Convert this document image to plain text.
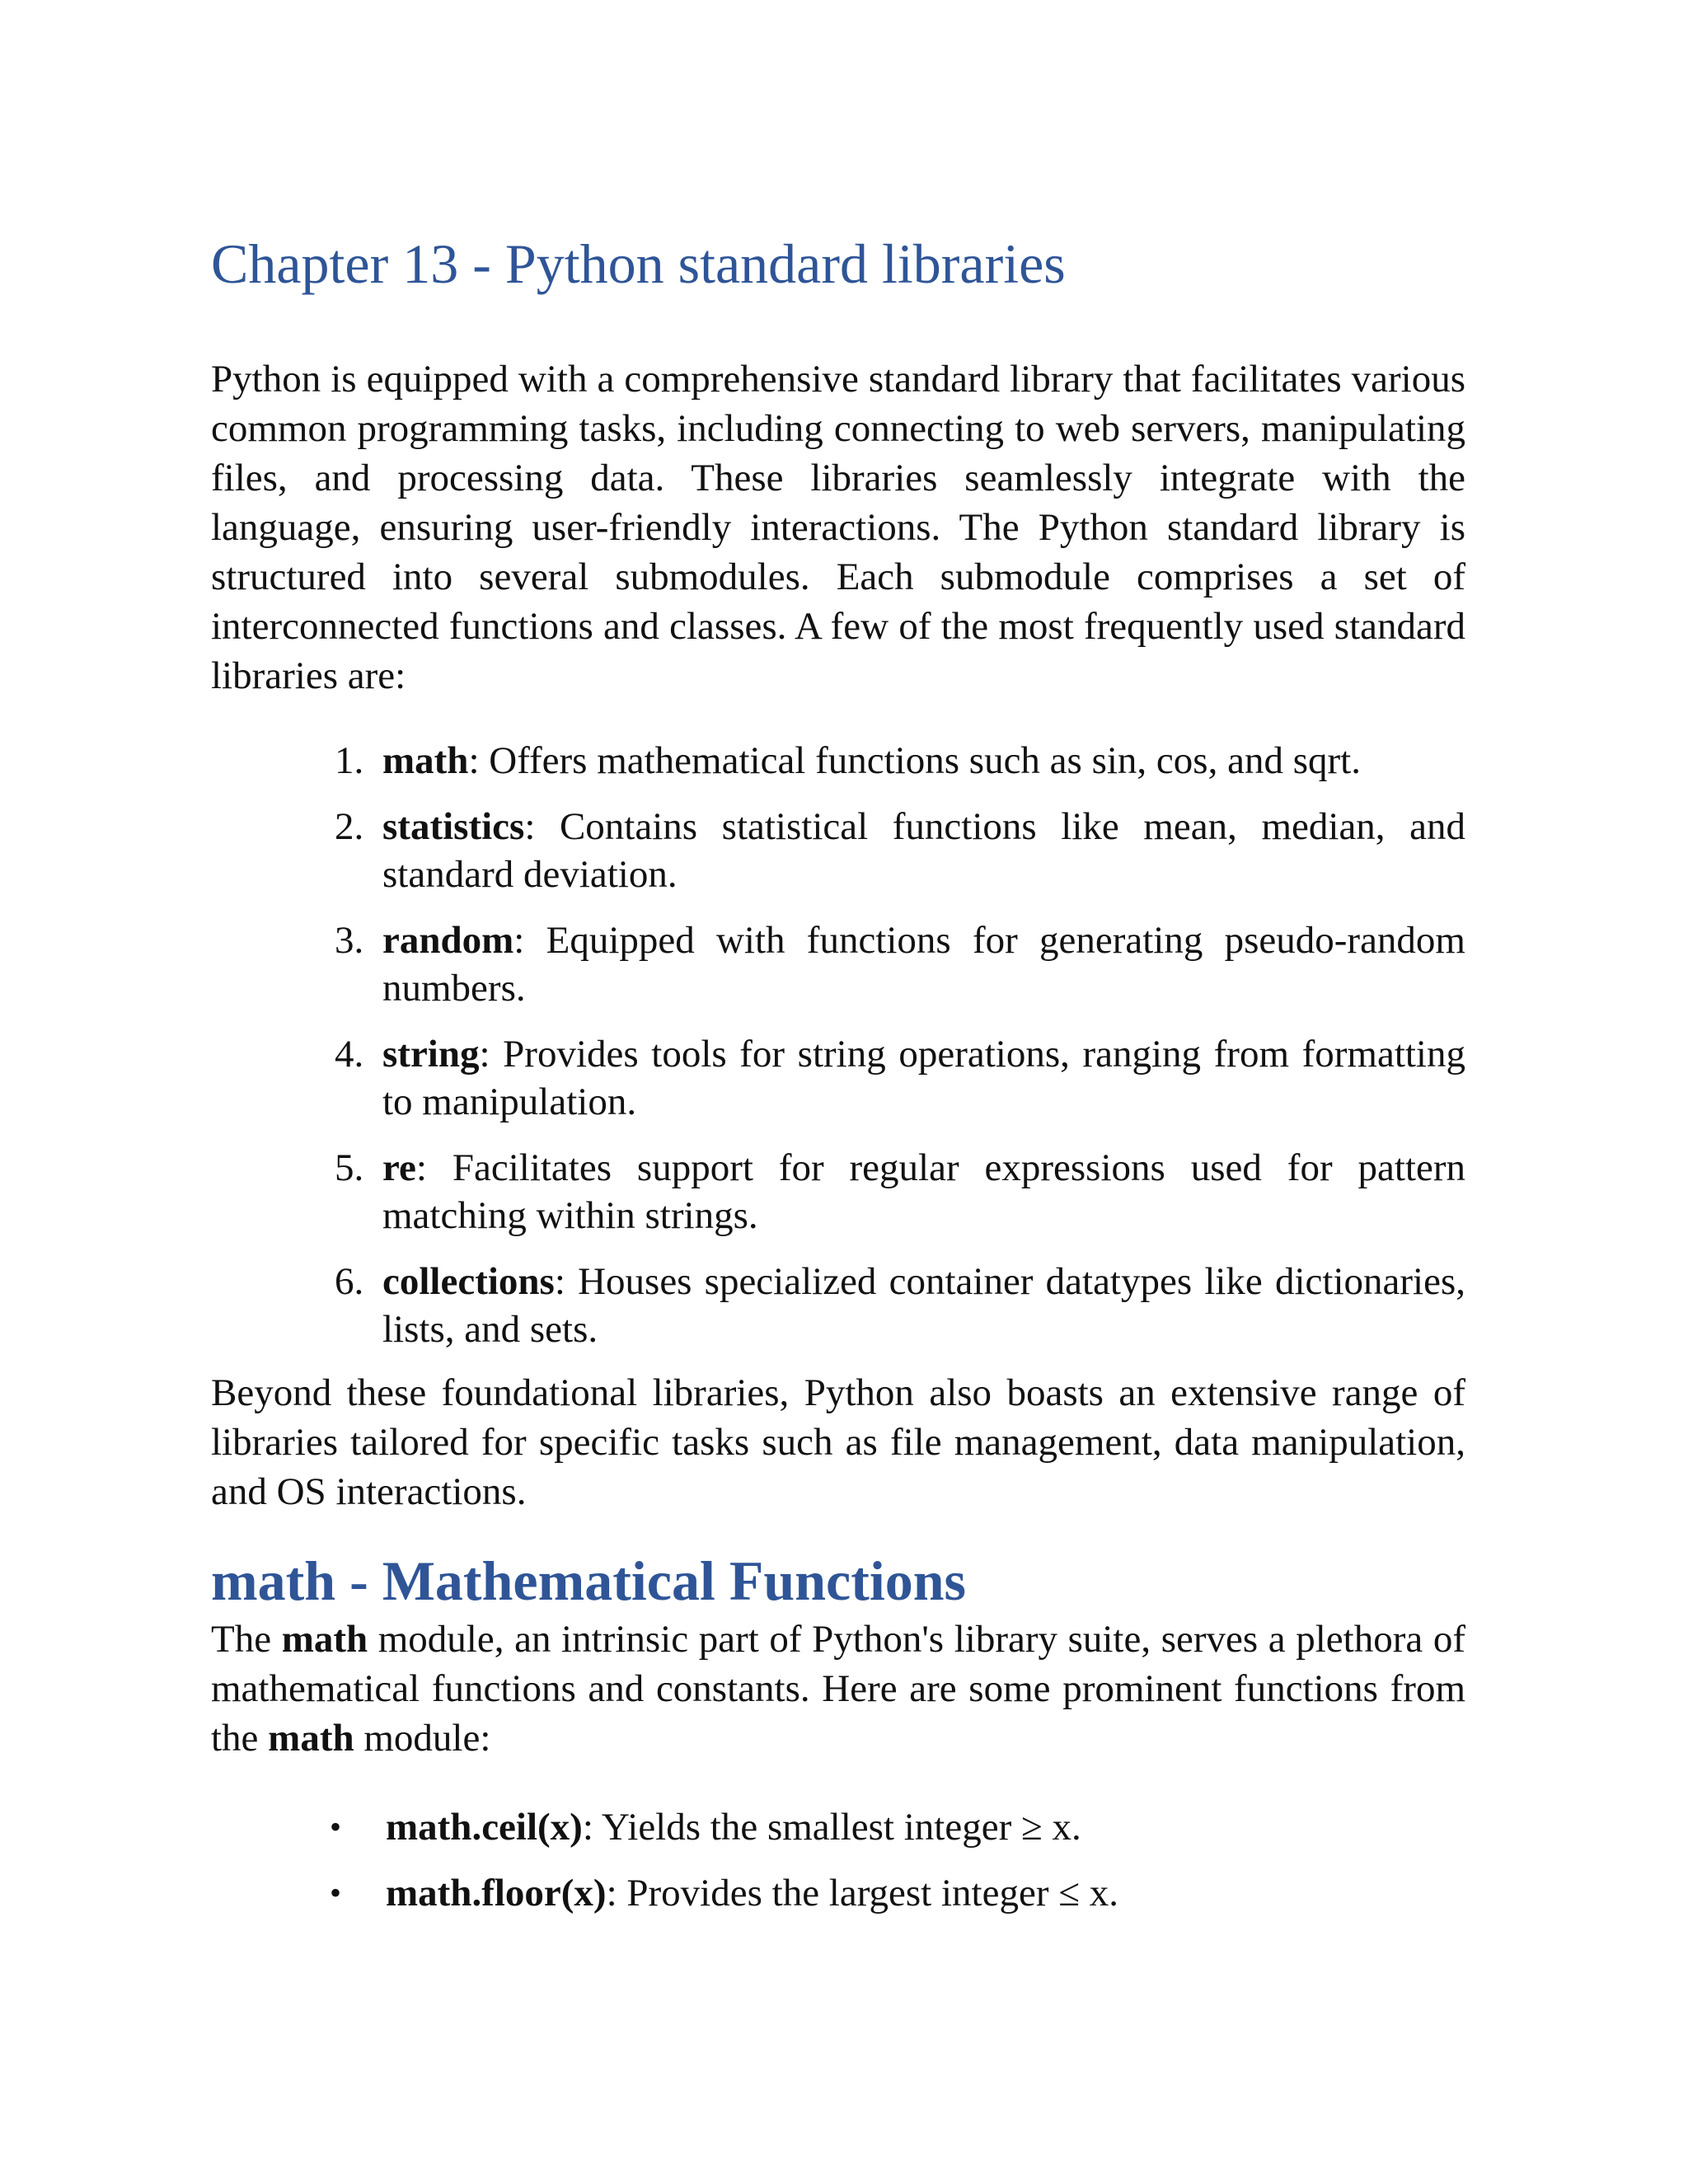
Chapter 13 - Python standard libraries

Python is equipped with a comprehensive standard library that facilitates various common programming tasks, including connecting to web servers, manipulating files, and processing data. These libraries seamlessly integrate with the language, ensuring user-friendly interactions. The Python standard library is structured into several submodules. Each submodule comprises a set of interconnected functions and classes. A few of the most frequently used standard libraries are:

1. math: Offers mathematical functions such as sin, cos, and sqrt.
2. statistics: Contains statistical functions like mean, median, and standard deviation.
3. random: Equipped with functions for generating pseudo-random numbers.
4. string: Provides tools for string operations, ranging from formatting to manipulation.
5. re: Facilitates support for regular expressions used for pattern matching within strings.
6. collections: Houses specialized container datatypes like dictionaries, lists, and sets.

Beyond these foundational libraries, Python also boasts an extensive range of libraries tailored for specific tasks such as file management, data manipulation, and OS interactions.

math - Mathematical Functions

The math module, an intrinsic part of Python's library suite, serves a plethora of mathematical functions and constants. Here are some prominent functions from the math module:

• math.ceil(x): Yields the smallest integer ≥ x.
• math.floor(x): Provides the largest integer ≤ x.
